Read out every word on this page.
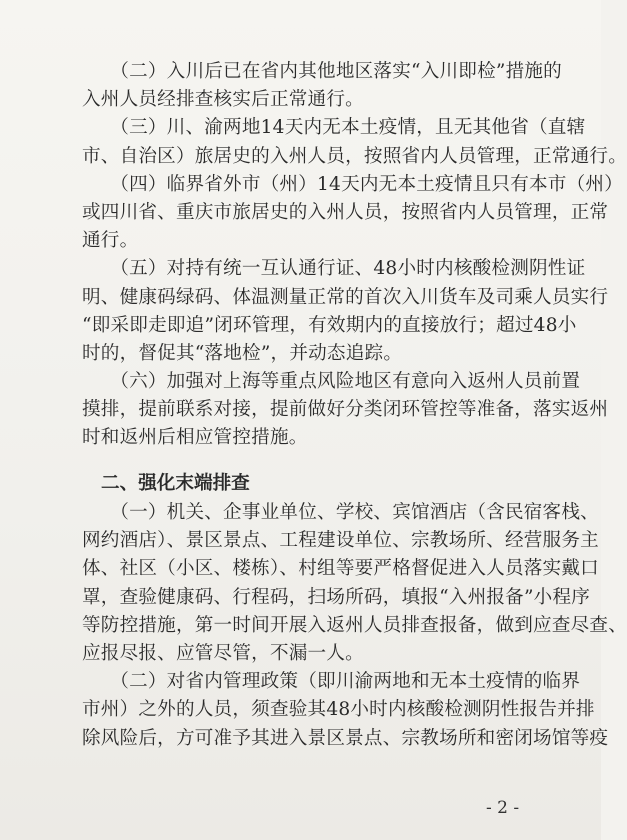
　　（二）入川后已在省内其他地区落实“入川即检”措施的
入州人员经排查核实后正常通行。
　　（三）川、渝两地14天内无本土疫情，且无其他省（直辖
市、自治区）旅居史的入州人员，按照省内人员管理，正常通行。
　　（四）临界省外市（州）14天内无本土疫情且只有本市（州）
或四川省、重庆市旅居史的入州人员，按照省内人员管理，正常
通行。
　　（五）对持有统一互认通行证、48小时内核酸检测阴性证
明、健康码绿码、体温测量正常的首次入川货车及司乘人员实行
“即采即走即追”闭环管理，有效期内的直接放行；超过48小
时的，督促其“落地检”，并动态追踪。
　　（六）加强对上海等重点风险地区有意向入返州人员前置
摸排，提前联系对接，提前做好分类闭环管控等准备，落实返州
时和返州后相应管控措施。
二、强化末端排查
　　（一）机关、企事业单位、学校、宾馆酒店（含民宿客栈、
网约酒店）、景区景点、工程建设单位、宗教场所、经营服务主
体、社区（小区、楼栋）、村组等要严格督促进入人员落实戴口
罩，查验健康码、行程码，扫场所码，填报“入州报备”小程序
等防控措施，第一时间开展入返州人员排查报备，做到应查尽查、
应报尽报、应管尽管，不漏一人。
　　（二）对省内管理政策（即川渝两地和无本土疫情的临界
市州）之外的人员，须查验其48小时内核酸检测阴性报告并排
除风险后，方可准予其进入景区景点、宗教场所和密闭场馆等疫
- 2 -
